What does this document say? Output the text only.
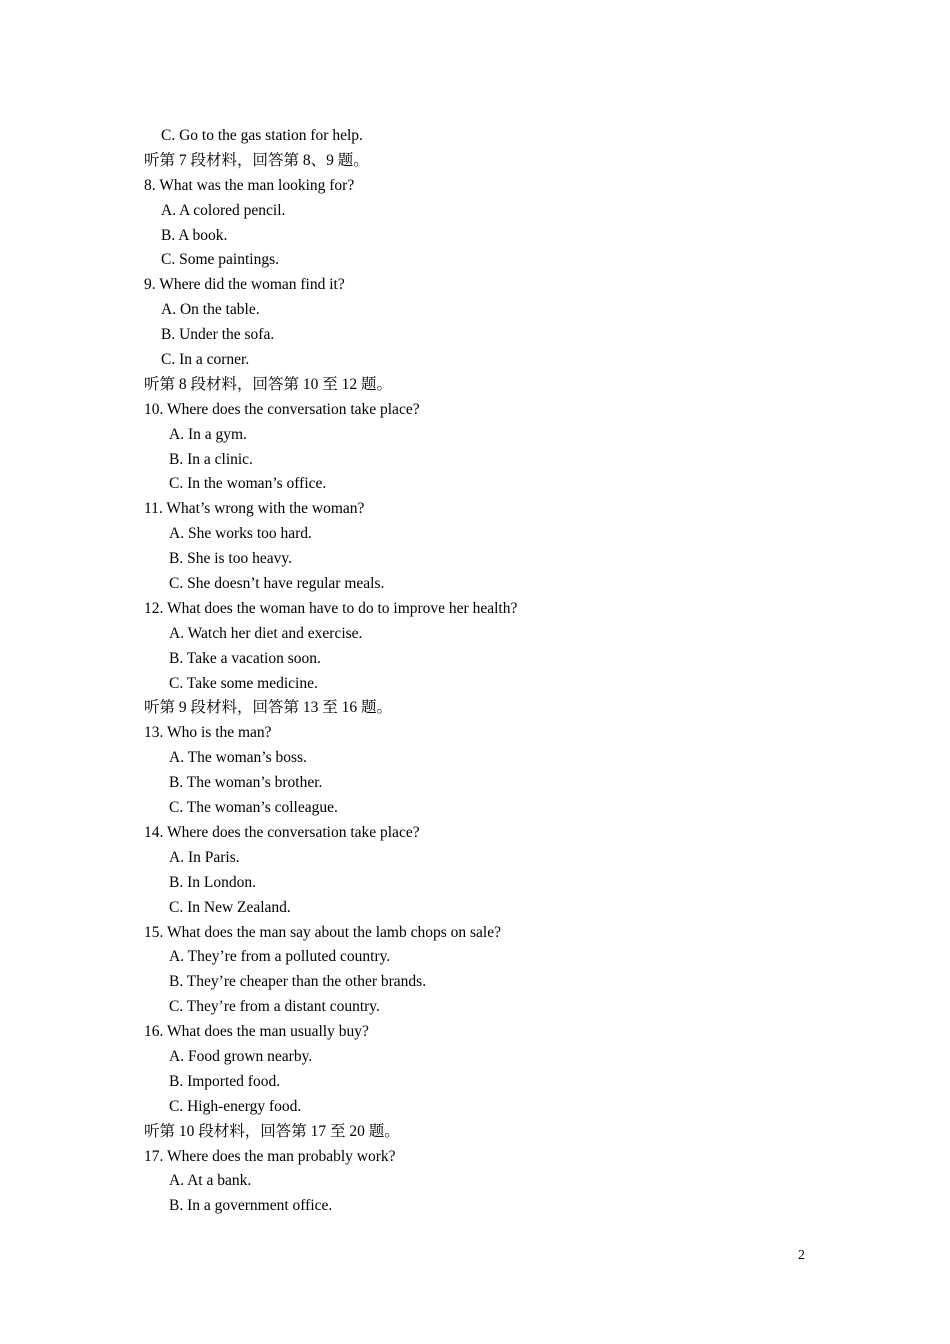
C. Go to the gas station for help.
听第 7 段材料，回答第 8、9 题。
8. What was the man looking for?
A. A colored pencil.
B. A book.
C. Some paintings.
9. Where did the woman find it?
A. On the table.
B. Under the sofa.
C. In a corner.
听第 8 段材料，回答第 10 至 12 题。
10. Where does the conversation take place?
A. In a gym.
B. In a clinic.
C. In the woman’s office.
11. What’s wrong with the woman?
A. She works too hard.
B. She is too heavy.
C. She doesn’t have regular meals.
12. What does the woman have to do to improve her health?
A. Watch her diet and exercise.
B. Take a vacation soon.
C. Take some medicine.
听第 9 段材料，回答第 13 至 16 题。
13. Who is the man?
A. The woman’s boss.
B. The woman’s brother.
C. The woman’s colleague.
14. Where does the conversation take place?
A. In Paris.
B. In London.
C. In New Zealand.
15. What does the man say about the lamb chops on sale?
A. They’re from a polluted country.
B. They’re cheaper than the other brands.
C. They’re from a distant country.
16. What does the man usually buy?
A. Food grown nearby.
B. Imported food.
C. High-energy food.
听第 10 段材料，回答第 17 至 20 题。
17. Where does the man probably work?
A. At a bank.
B. In a government office.
2
